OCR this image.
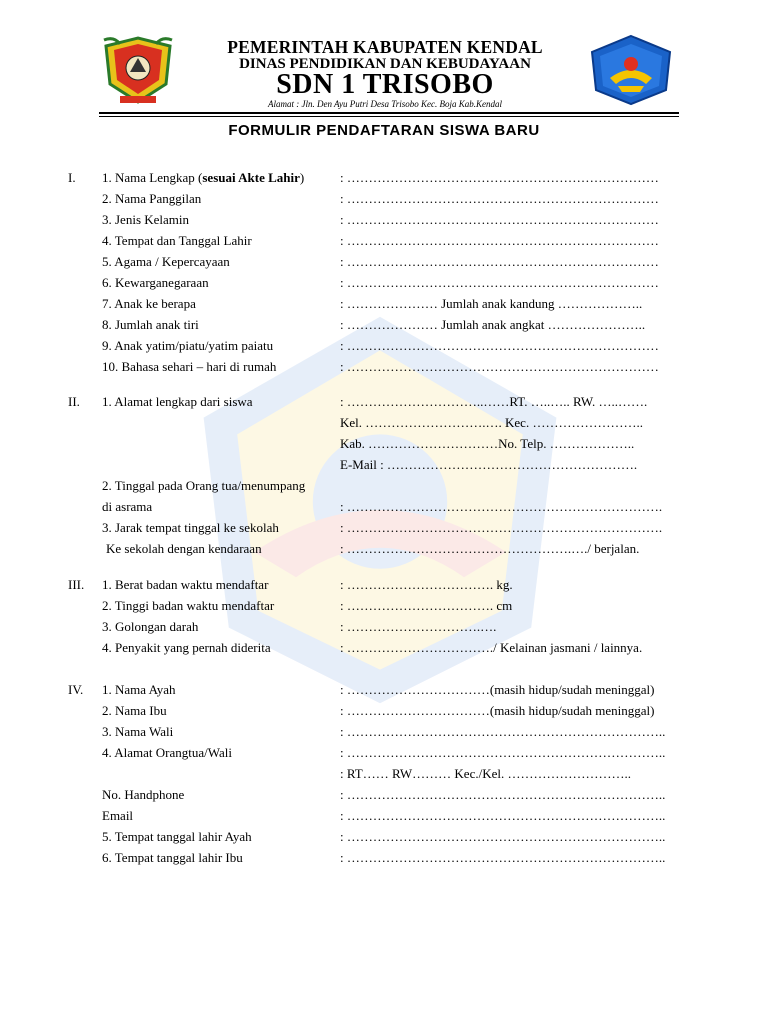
PEMERINTAH KABUPATEN KENDAL
DINAS PENDIDIKAN DAN KEBUDAYAAN
SDN 1 TRISOBO
Alamat : Jln. Den Ayu Putri Desa Trisobo Kec. Boja Kab.Kendal
FORMULIR PENDAFTARAN SISWA BARU
I. 1. Nama Lengkap (sesuai Akte Lahir)	: ………………………………………………………………
2. Nama Panggilan	: ………………………………………………………………
3. Jenis Kelamin	: ………………………………………………………………
4. Tempat dan Tanggal Lahir	: ………………………………………………………………
5. Agama / Kepercayaan	: ………………………………………………………………
6. Kewarganegaraan	: ………………………………………………………………
7. Anak ke berapa	: ………………… Jumlah anak kandung ………………..
8. Jumlah anak tiri	: ………………… Jumlah anak angkat …………………..
9. Anak yatim/piatu/yatim paiatu	: ………………………………………………………………
10. Bahasa sehari – hari di rumah	: ………………………………………………………………
II. 1. Alamat lengkap dari siswa	: …………………………..……RT. …..….. RW. …..…….
Kel. ……………………….…. Kec. ……………………..
Kab. …………………………No. Telp. ………………..
E-Mail : ………………………………………………….
2. Tinggal pada Orang tua/menumpang
di asrama	: ……………………………………………………………….
3. Jarak tempat tinggal ke sekolah	: ……………………………………………………………….
Ke sekolah dengan kendaraan	: …………………………………………….…./ berjalan.
III. 1. Berat badan waktu mendaftar	: ……………………………. kg.
2. Tinggi badan waktu mendaftar	: ……………………………. cm
3. Golongan darah	: ………………………….….
4. Penyakit yang pernah diderita	: ……………………………./ Kelainan jasmani / lainnya.
IV. 1. Nama Ayah	: ……………………………(masih hidup/sudah meninggal)
2. Nama Ibu	: ……………………………(masih hidup/sudah meninggal)
3. Nama Wali	: ………………………………………………………………..
4. Alamat Orangtua/Wali	: ………………………………………………………………..
: RT…… RW……… Kec./Kel. ………………………..
No. Handphone	: ………………………………………………………………..
Email	: ………………………………………………………………..
5. Tempat tanggal lahir Ayah	: ………………………………………………………………..
6. Tempat tanggal lahir Ibu	: ………………………………………………………………..
